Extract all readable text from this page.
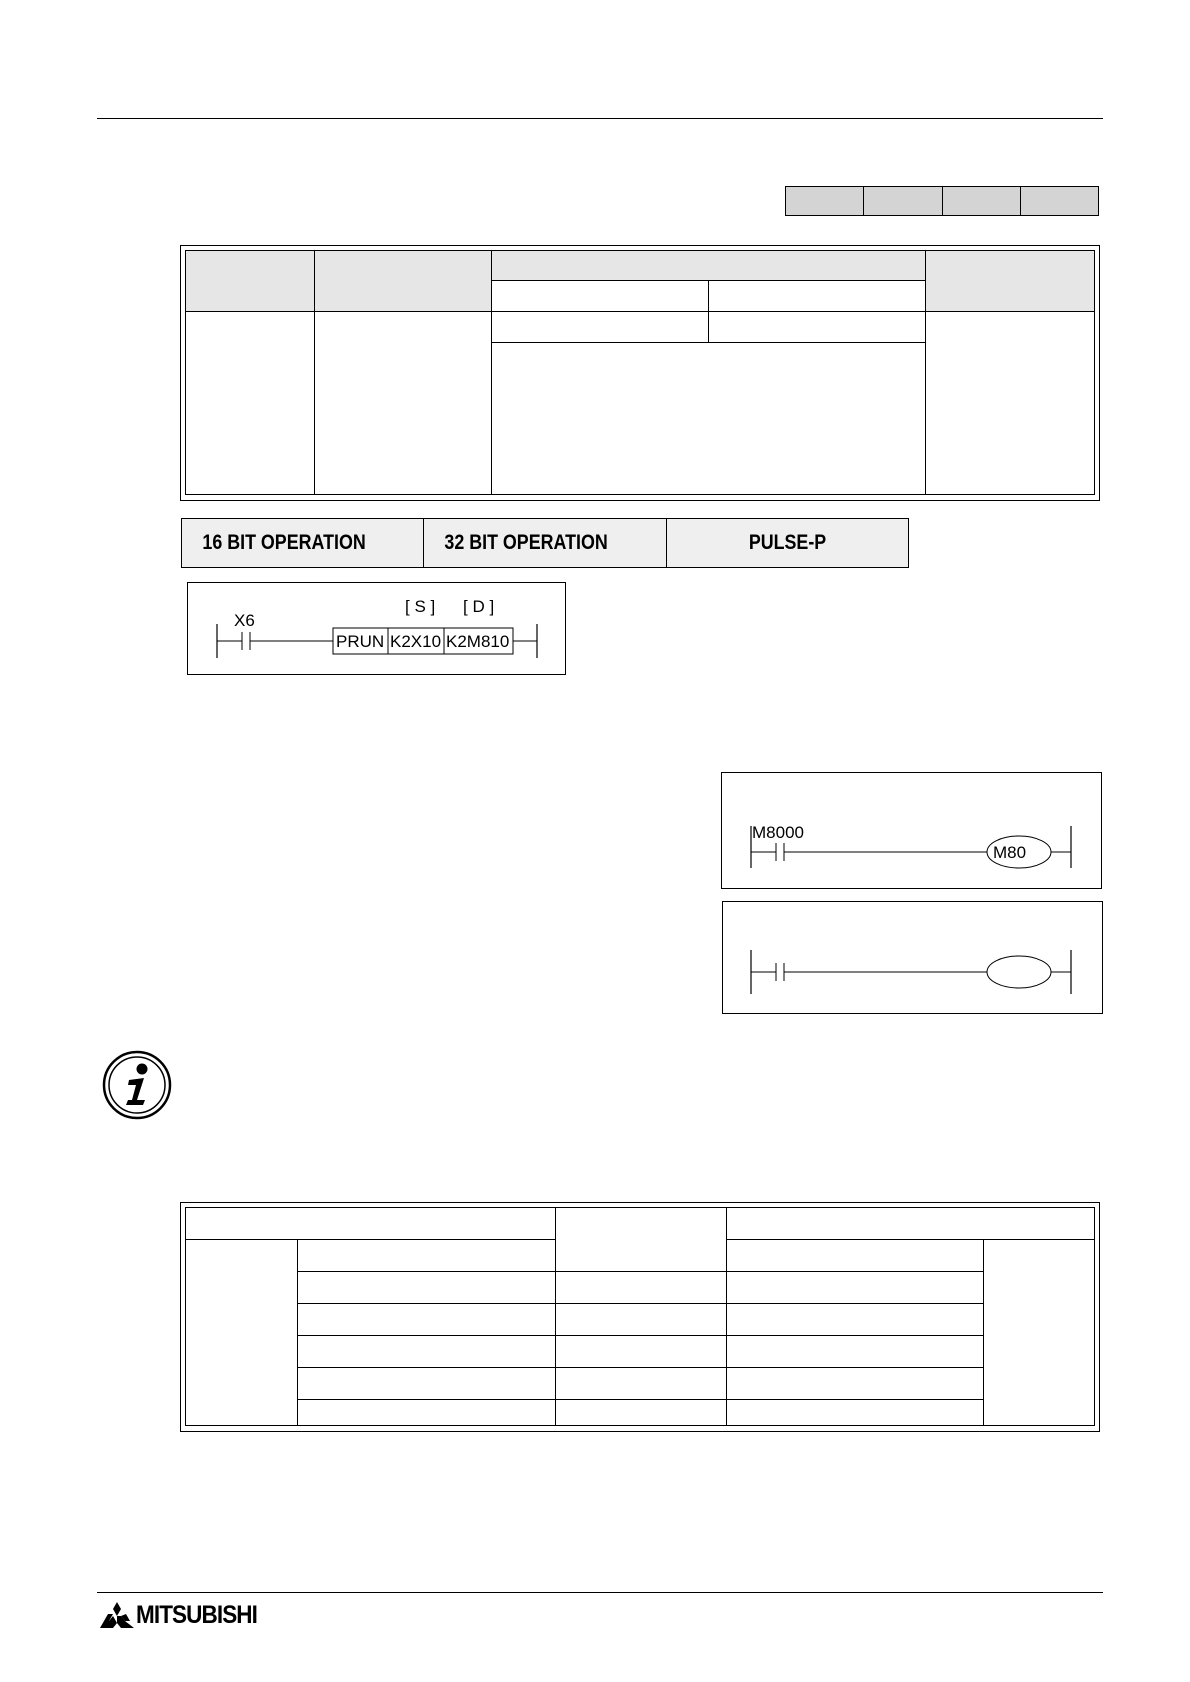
16 BIT OPERATION	32 BIT OPERATION	PULSE-P
X6
PRUN K2X10 K2M810
[ S ] [ D ]
M8000
M80

MITSUBISHI
